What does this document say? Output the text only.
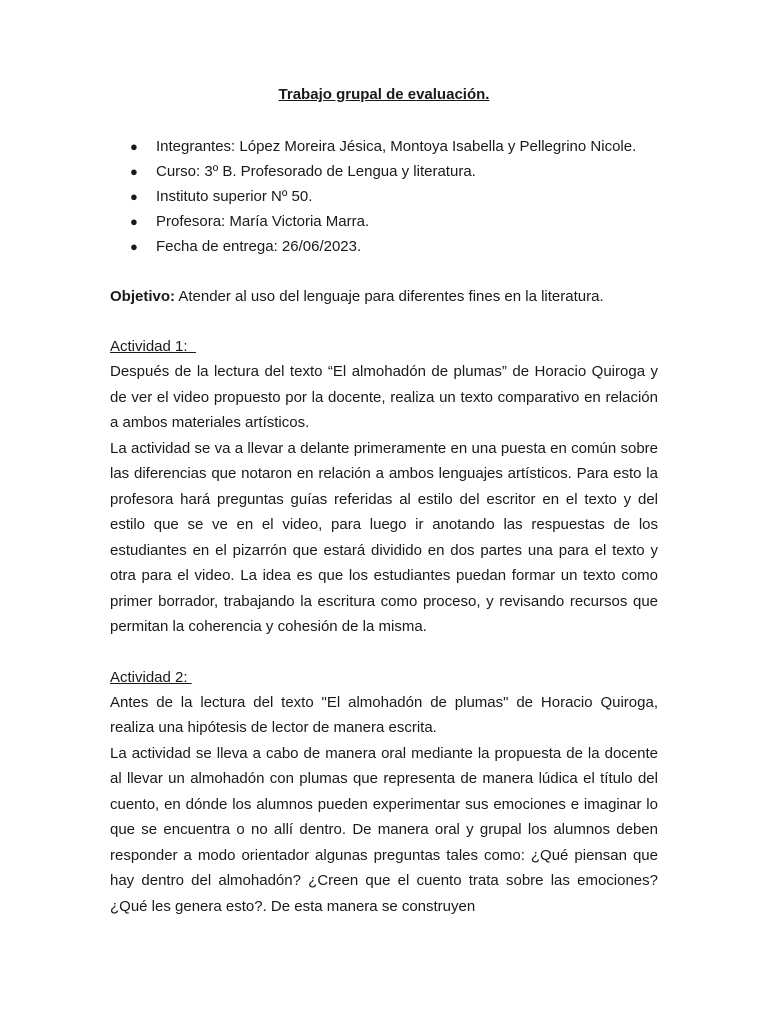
Trabajo grupal de evaluación.
● Integrantes: López Moreira Jésica, Montoya Isabella y Pellegrino Nicole.
● Curso: 3º B. Profesorado de Lengua y literatura.
● Instituto superior Nº 50.
● Profesora: María Victoria Marra.
● Fecha de entrega: 26/06/2023.

Objetivo: Atender al uso del lenguaje para diferentes fines en la literatura.

Actividad 1:

Después de la lectura del texto “El almohadón de plumas” de Horacio Quiroga y de ver el video propuesto por la docente, realiza un texto comparativo en relación a ambos materiales artísticos.

La actividad se va a llevar a delante primeramente en una puesta en común sobre las diferencias que notaron en relación a ambos lenguajes artísticos. Para esto la profesora hará preguntas guías referidas al estilo del escritor en el texto y del estilo que se ve en el video, para luego ir anotando las respuestas de los estudiantes en el pizarrón que estará dividido en dos partes una para el texto y otra para el video. La idea es que los estudiantes puedan formar un texto como primer borrador, trabajando la escritura como proceso, y revisando recursos que permitan la coherencia y cohesión de la misma.

Actividad 2:

Antes de la lectura del texto "El almohadón de plumas" de Horacio Quiroga, realiza una hipótesis de lector de manera escrita.

La actividad se lleva a cabo de manera oral mediante la propuesta de la docente al llevar un almohadón con plumas que representa de manera lúdica el título del cuento, en dónde los alumnos pueden experimentar sus emociones e imaginar lo que se encuentra o no allí dentro. De manera oral y grupal los alumnos deben responder a modo orientador algunas preguntas tales como: ¿Qué piensan que hay dentro del almohadón? ¿Creen que el cuento trata sobre las emociones? ¿Qué les genera esto?. De esta manera se construyen
